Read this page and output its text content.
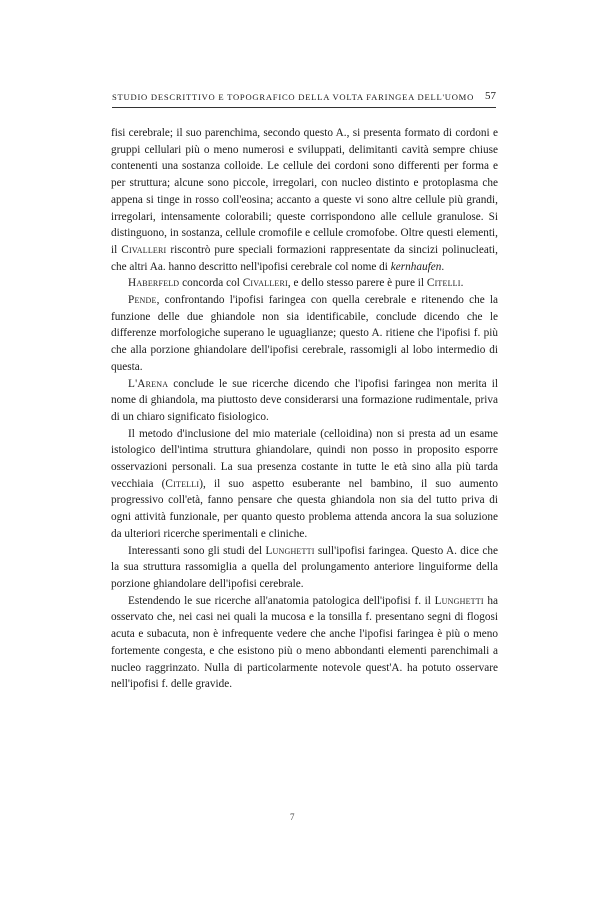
STUDIO DESCRITTIVO E TOPOGRAFICO DELLA VOLTA FARINGEA DELL'UOMO 57

fisi cerebrale; il suo parenchima, secondo questo A., si presenta formato di cordoni e gruppi cellulari più o meno numerosi e sviluppati, delimitanti cavità sempre chiuse contenenti una sostanza colloide. Le cellule dei cordoni sono differenti per forma e per struttura; alcune sono piccole, irregolari, con nucleo distinto e protoplasma che appena si tinge in rosso coll'eosina; accanto a queste vi sono altre cellule più grandi, irregolari, intensamente colorabili; queste corrispondono alle cellule granulose. Si distinguono, in sostanza, cellule cromofile e cellule cromofobe. Oltre questi elementi, il Civalleri riscontrò pure speciali formazioni rappresentate da sincizi polinucleati, che altri Aa. hanno descritto nell'ipofisi cerebrale col nome di kernhaufen.

Haberfeld concorda col Civalleri, e dello stesso parere è pure il Citelli.

Pende, confrontando l'ipofisi faringea con quella cerebrale e ritenendo che la funzione delle due ghiandole non sia identificabile, conclude dicendo che le differenze morfologiche superano le uguaglianze; questo A. ritiene che l'ipofisi f. più che alla porzione ghiandolare dell'ipofisi cerebrale, rassomigli al lobo intermedio di questa.

L'Arena conclude le sue ricerche dicendo che l'ipofisi faringea non merita il nome di ghiandola, ma piuttosto deve considerarsi una formazione rudimentale, priva di un chiaro significato fisiologico.

Il metodo d'inclusione del mio materiale (celloidina) non si presta ad un esame istologico dell'intima struttura ghiandolare, quindi non posso in proposito esporre osservazioni personali. La sua presenza costante in tutte le età sino alla più tarda vecchiaia (Citelli), il suo aspetto esuberante nel bambino, il suo aumento progressivo coll'età, fanno pensare che questa ghiandola non sia del tutto priva di ogni attività funzionale, per quanto questo problema attenda ancora la sua soluzione da ulteriori ricerche sperimentali e cliniche.

Interessanti sono gli studi del Lunghetti sull'ipofisi faringea. Questo A. dice che la sua struttura rassomiglia a quella del prolungamento anteriore linguiforme della porzione ghiandolare dell'ipofisi cerebrale.

Estendendo le sue ricerche all'anatomia patologica dell'ipofisi f. il Lunghetti ha osservato che, nei casi nei quali la mucosa e la tonsilla f. presentano segni di flogosi acuta e subacuta, non è infrequente vedere che anche l'ipofisi faringea è più o meno fortemente congesta, e che esistono più o meno abbondanti elementi parenchimali a nucleo raggrinzato. Nulla di particolarmente notevole quest'A. ha potuto osservare nell'ipofisi f. delle gravide.

7
